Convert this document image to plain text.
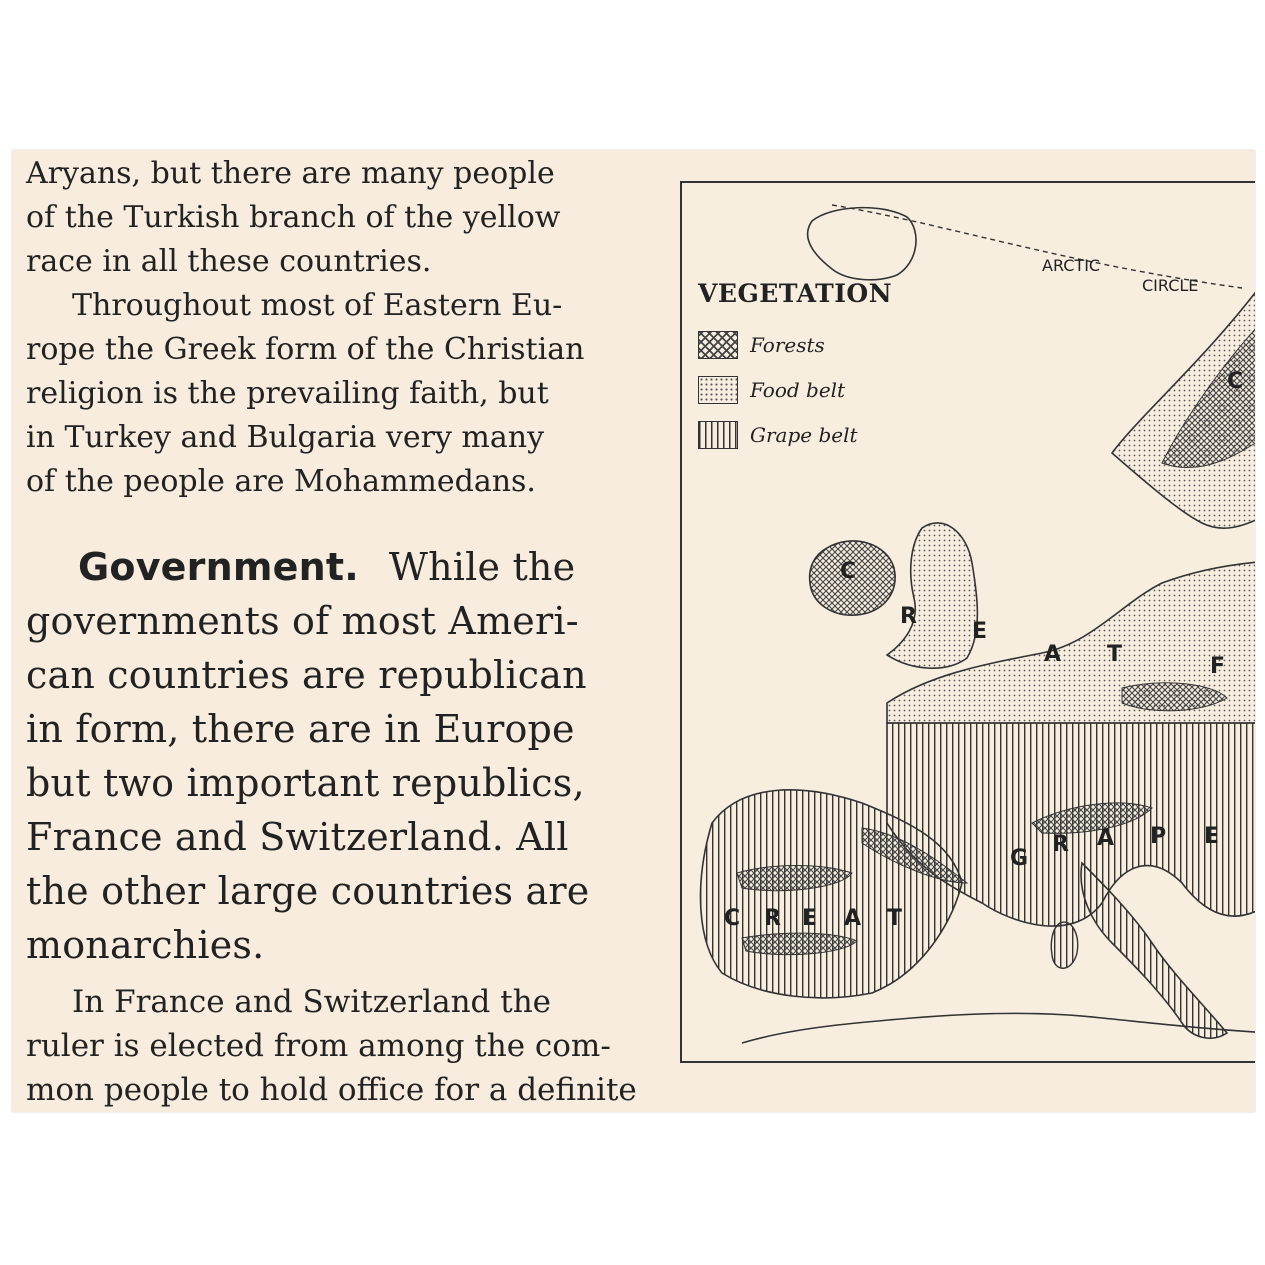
Aryans, but there are many people
of the Turkish branch of the yellow
race in all these countries.
Throughout most of Eastern Eu-
rope the Greek form of the Christian
religion is the prevailing faith, but
in Turkey and Bulgaria very many
of the people are Mohammedans.
Government. While the
governments of most Ameri-
can countries are republican
in form, there are in Europe
but two important republics,
France and Switzerland. All
the other large countries are
monarchies.
In France and Switzerland the
ruler is elected from among the com-
mon people to hold office for a definite
C
C
R
E
A T	F
C R E A T
G
R A P E
ARCTIC
CIRCLE
VEGETATION
Forests
Food belt
Grape belt
